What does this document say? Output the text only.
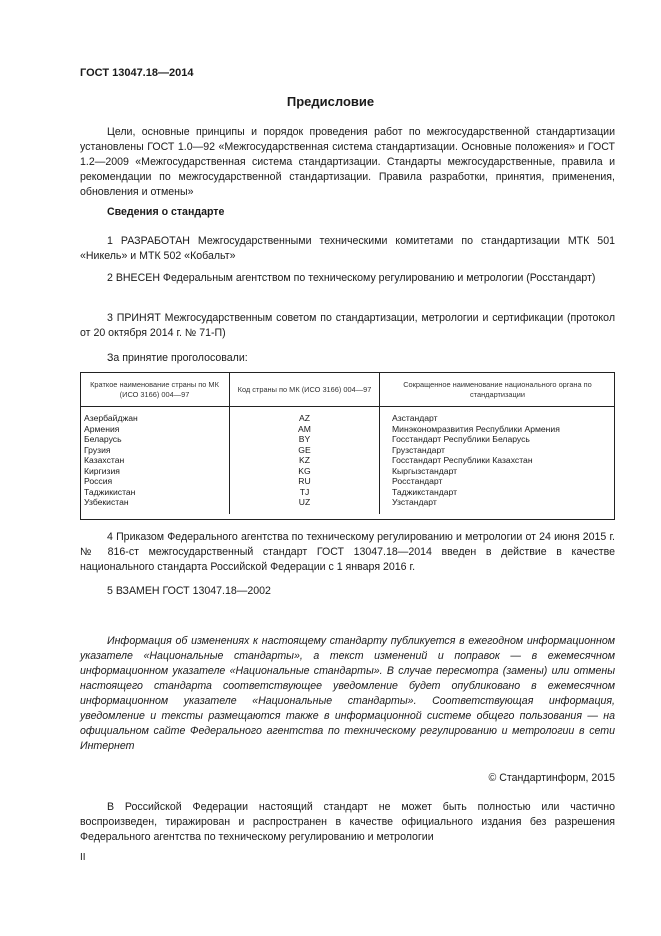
ГОСТ 13047.18—2014
Предисловие

Цели, основные принципы и порядок проведения работ по межгосударственной стандартизации установлены ГОСТ 1.0—92 «Межгосударственная система стандартизации. Основные положения» и ГОСТ 1.2—2009 «Межгосударственная система стандартизации. Стандарты межгосударственные, правила и рекомендации по межгосударственной стандартизации. Правила разработки, принятия, применения, обновления и отмены»

Сведения о стандарте

1 РАЗРАБОТАН Межгосударственными техническими комитетами по стандартизации МТК 501 «Никель» и МТК 502 «Кобальт»

2 ВНЕСЕН Федеральным агентством по техническому регулированию и метрологии (Росстандарт)

3 ПРИНЯТ Межгосударственным советом по стандартизации, метрологии и сертификации (протокол от 20 октября 2014 г. № 71-П)

За принятие проголосовали:
Краткое наименование страны по МК (ИСО 3166) 004—97	Код страны по МК (ИСО 3166) 004—97	Сокращенное наименование национального органа по стандартизации
Азербайджан	AZ	Азстандарт
Армения	AM	Минэкономразвития Республики Армения
Беларусь	BY	Госстандарт Республики Беларусь
Грузия	GE	Грузстандарт
Казахстан	KZ	Госстандарт Республики Казахстан
Киргизия	KG	Кыргызстандарт
Россия	RU	Росстандарт
Таджикистан	TJ	Таджикстандарт
Узбекистан	UZ	Узстандарт

4 Приказом Федерального агентства по техническому регулированию и метрологии от 24 июня 2015 г. № 816-ст межгосударственный стандарт ГОСТ 13047.18—2014 введен в действие в качестве национального стандарта Российской Федерации с 1 января 2016 г.

5 ВЗАМЕН ГОСТ 13047.18—2002

Информация об изменениях к настоящему стандарту публикуется в ежегодном информационном указателе «Национальные стандарты», а текст изменений и поправок — в ежемесячном информационном указателе «Национальные стандарты». В случае пересмотра (замены) или отмены настоящего стандарта соответствующее уведомление будет опубликовано в ежемесячном информационном указателе «Национальные стандарты». Соответствующая информация, уведомление и тексты размещаются также в информационной системе общего пользования — на официальном сайте Федерального агентства по техническому регулированию и метрологии в сети Интернет

© Стандартинформ, 2015

В Российской Федерации настоящий стандарт не может быть полностью или частично воспроизведен, тиражирован и распространен в качестве официального издания без разрешения Федерального агентства по техническому регулированию и метрологии

II
